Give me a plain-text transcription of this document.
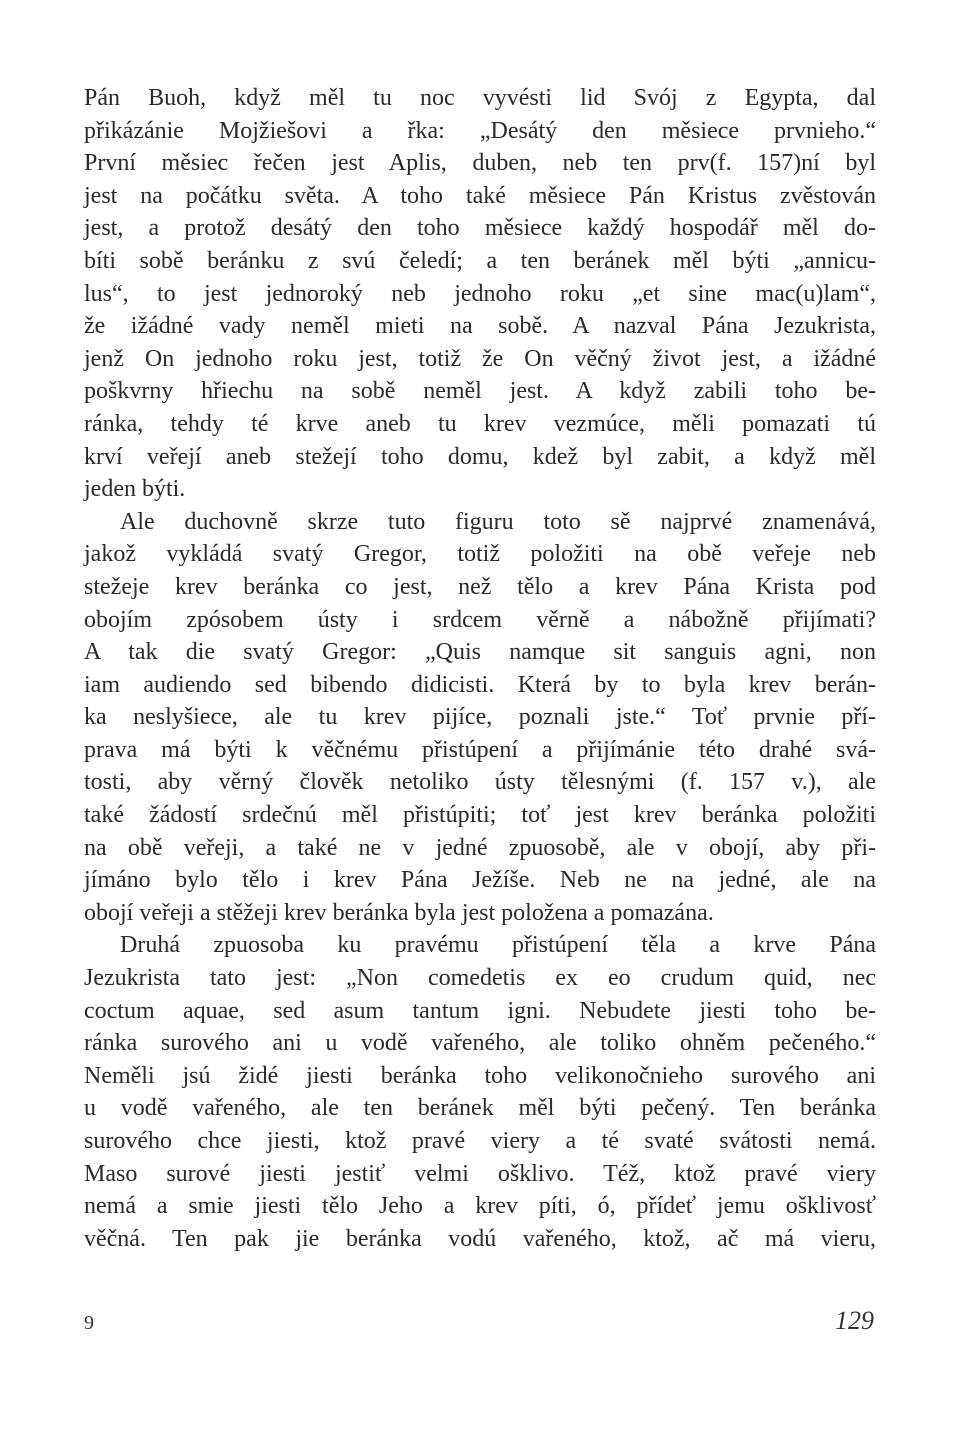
Pán Buoh, když měl tu noc vyvésti lid Svój z Egypta, dal
přikázánie Mojžiešovi a řka: „Desátý den měsiece prvnieho.“
První měsiec řečen jest Aplis, duben, neb ten prv(f. 157)ní byl
jest na počátku světa. A toho také měsiece Pán Kristus zvěstován
jest, a protož desátý den toho měsiece každý hospodář měl do-
bíti sobě beránku z svú čeledí; a ten beránek měl býti „annicu-
lus“, to jest jednoroký neb jednoho roku „et sine mac(u)lam“,
že ižádné vady neměl mieti na sobě. A nazval Pána Jezukrista,
jenž On jednoho roku jest, totiž že On věčný život jest, a ižádné
poškvrny hřiechu na sobě neměl jest. A když zabili toho be-
ránka, tehdy té krve aneb tu krev vezmúce, měli pomazati tú
krví veřejí aneb stežejí toho domu, kdež byl zabit, a když měl
jeden býti.
Ale duchovně skrze tuto figuru toto sě najprvé znamenává,
jakož vykládá svatý Gregor, totiž položiti na obě veřeje neb
stežeje krev beránka co jest, než tělo a krev Pána Krista pod
obojím zpósobem ústy i srdcem věrně a nábožně přijímati?
A tak die svatý Gregor: „Quis namque sit sanguis agni, non
iam audiendo sed bibendo didicisti. Která by to byla krev berán-
ka neslyšiece, ale tu krev pijíce, poznali jste.“ Toť prvnie pří-
prava má býti k věčnému přistúpení a přijímánie této drahé svá-
tosti, aby věrný člověk netoliko ústy tělesnými (f. 157 v.), ale
také žádostí srdečnú měl přistúpiti; toť jest krev beránka položiti
na obě veřeji, a také ne v jedné zpuosobě, ale v obojí, aby při-
jímáno bylo tělo i krev Pána Ježíše. Neb ne na jedné, ale na
obojí veřeji a stěžeji krev beránka byla jest položena a pomazána.
Druhá zpuosoba ku pravému přistúpení těla a krve Pána
Jezukrista tato jest: „Non comedetis ex eo crudum quid, nec
coctum aquae, sed asum tantum igni. Nebudete jiesti toho be-
ránka surového ani u vodě vařeného, ale toliko ohněm pečeného.“
Neměli jsú židé jiesti beránka toho velikonočnieho surového ani
u vodě vařeného, ale ten beránek měl býti pečený. Ten beránka
surového chce jiesti, ktož pravé viery a té svaté svátosti nemá.
Maso surové jiesti jestiť velmi ošklivo. Též, ktož pravé viery
nemá a smie jiesti tělo Jeho a krev píti, ó, přídeť jemu ošklivosť
věčná. Ten pak jie beránka vodú vařeného, ktož, ač má vieru,
9	129
